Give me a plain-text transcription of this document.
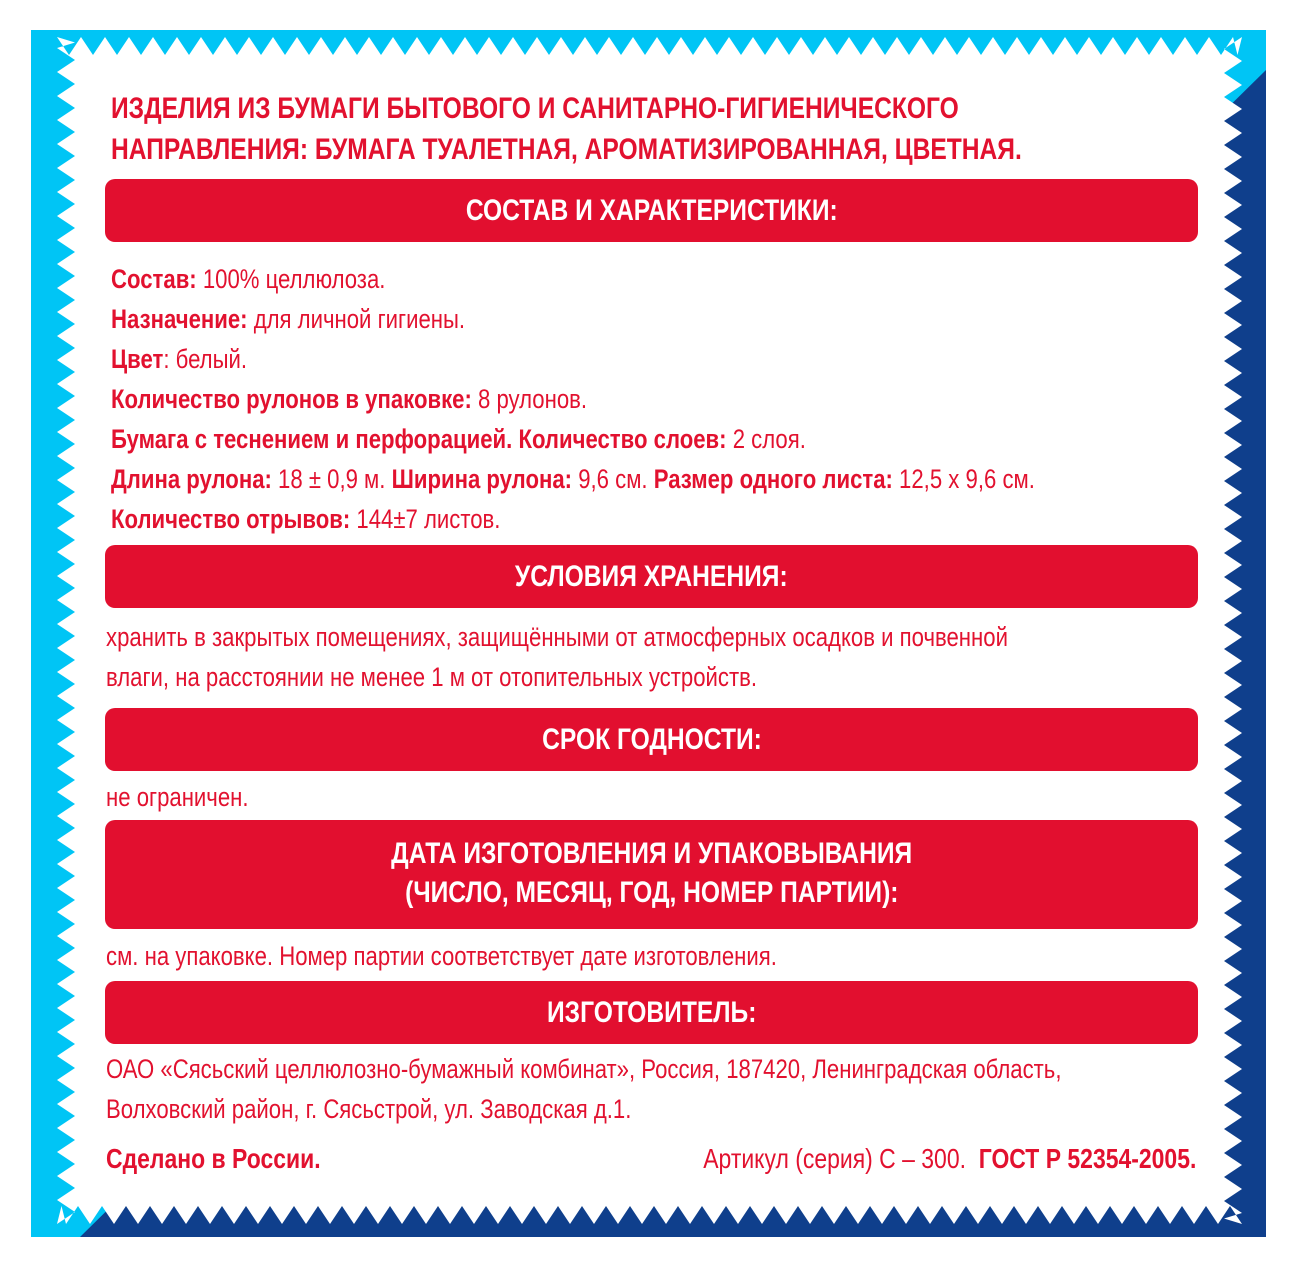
ИЗДЕЛИЯ ИЗ БУМАГИ БЫТОВОГО И САНИТАРНО-ГИГИЕНИЧЕСКОГО
НАПРАВЛЕНИЯ: БУМАГА ТУАЛЕТНАЯ, АРОМАТИЗИРОВАННАЯ, ЦВЕТНАЯ.
СОСТАВ И ХАРАКТЕРИСТИКИ:
Состав: 100% целлюлоза.
Назначение: для личной гигиены.
Цвет: белый.
Количество рулонов в упаковке: 8 рулонов.
Бумага с теснением и перфорацией. Количество слоев: 2 слоя.
Длина рулона: 18 ± 0,9 м. Ширина рулона: 9,6 см. Размер одного листа: 12,5 х 9,6 см.
Количество отрывов: 144±7 листов.
УСЛОВИЯ ХРАНЕНИЯ:
хранить в закрытых помещениях, защищёнными от атмосферных осадков и почвенной
влаги, на расстоянии не менее 1 м от отопительных устройств.
СРОК ГОДНОСТИ:
не ограничен.
ДАТА ИЗГОТОВЛЕНИЯ И УПАКОВЫВАНИЯ
(ЧИСЛО, МЕСЯЦ, ГОД, НОМЕР ПАРТИИ):
см. на упаковке. Номер партии соответствует дате изготовления.
ИЗГОТОВИТЕЛЬ:
ОАО «Сясьский целлюлозно-бумажный комбинат», Россия, 187420, Ленинградская область,
Волховский район, г. Сясьстрой, ул. Заводская д.1.
Сделано в России.	Артикул (серия) С – 300. ГОСТ Р 52354-2005.
